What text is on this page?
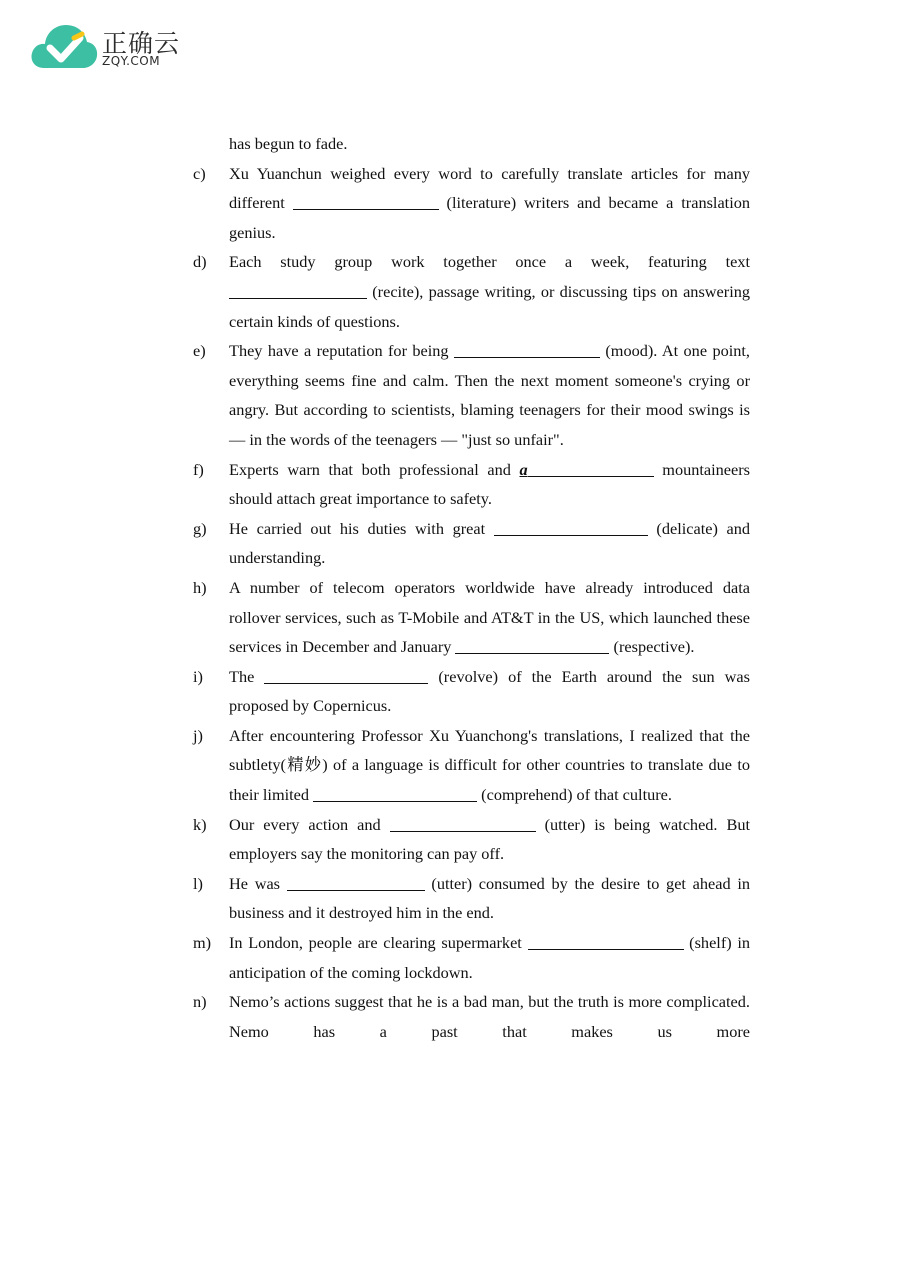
正确云
ZQY.COM
has begun to fade.
c)	Xu Yuanchun weighed every word to carefully translate articles for many different	(literature) writers and became a translation genius.
d)	Each study group work together once a week, featuring text  (recite), passage writing, or discussing tips on answering certain kinds of questions.
e)	They have a reputation for being	(mood). At one point, everything seems fine and calm. Then the next moment someone's crying or angry. But according to scientists, blaming teenagers for their mood swings is — in the words of the teenagers — "just so unfair".
f)	Experts warn that both professional and a	mountaineers should attach great importance to safety.
g)	He carried out his duties with great	(delicate) and understanding.
h)	A number of telecom operators worldwide have already introduced data rollover services, such as T-Mobile and AT&T in the US, which launched these services in December and January	(respective).
i)	The	(revolve) of the Earth around the sun was proposed by Copernicus.
j)	After encountering Professor Xu Yuanchong's translations, I realized that the subtlety(精妙) of a language is difficult for other countries to translate due to their limited	(comprehend) of that culture.
k)	Our every action and	(utter) is being watched. But employers say the monitoring can pay off.
l)	He was	(utter) consumed by the desire to get ahead in business and it destroyed him in the end.
m)	In London, people are clearing supermarket	(shelf) in anticipation of the coming lockdown.
n)	Nemo’s actions suggest that he is a bad man, but the truth is more complicated. Nemo has a past that makes us more
